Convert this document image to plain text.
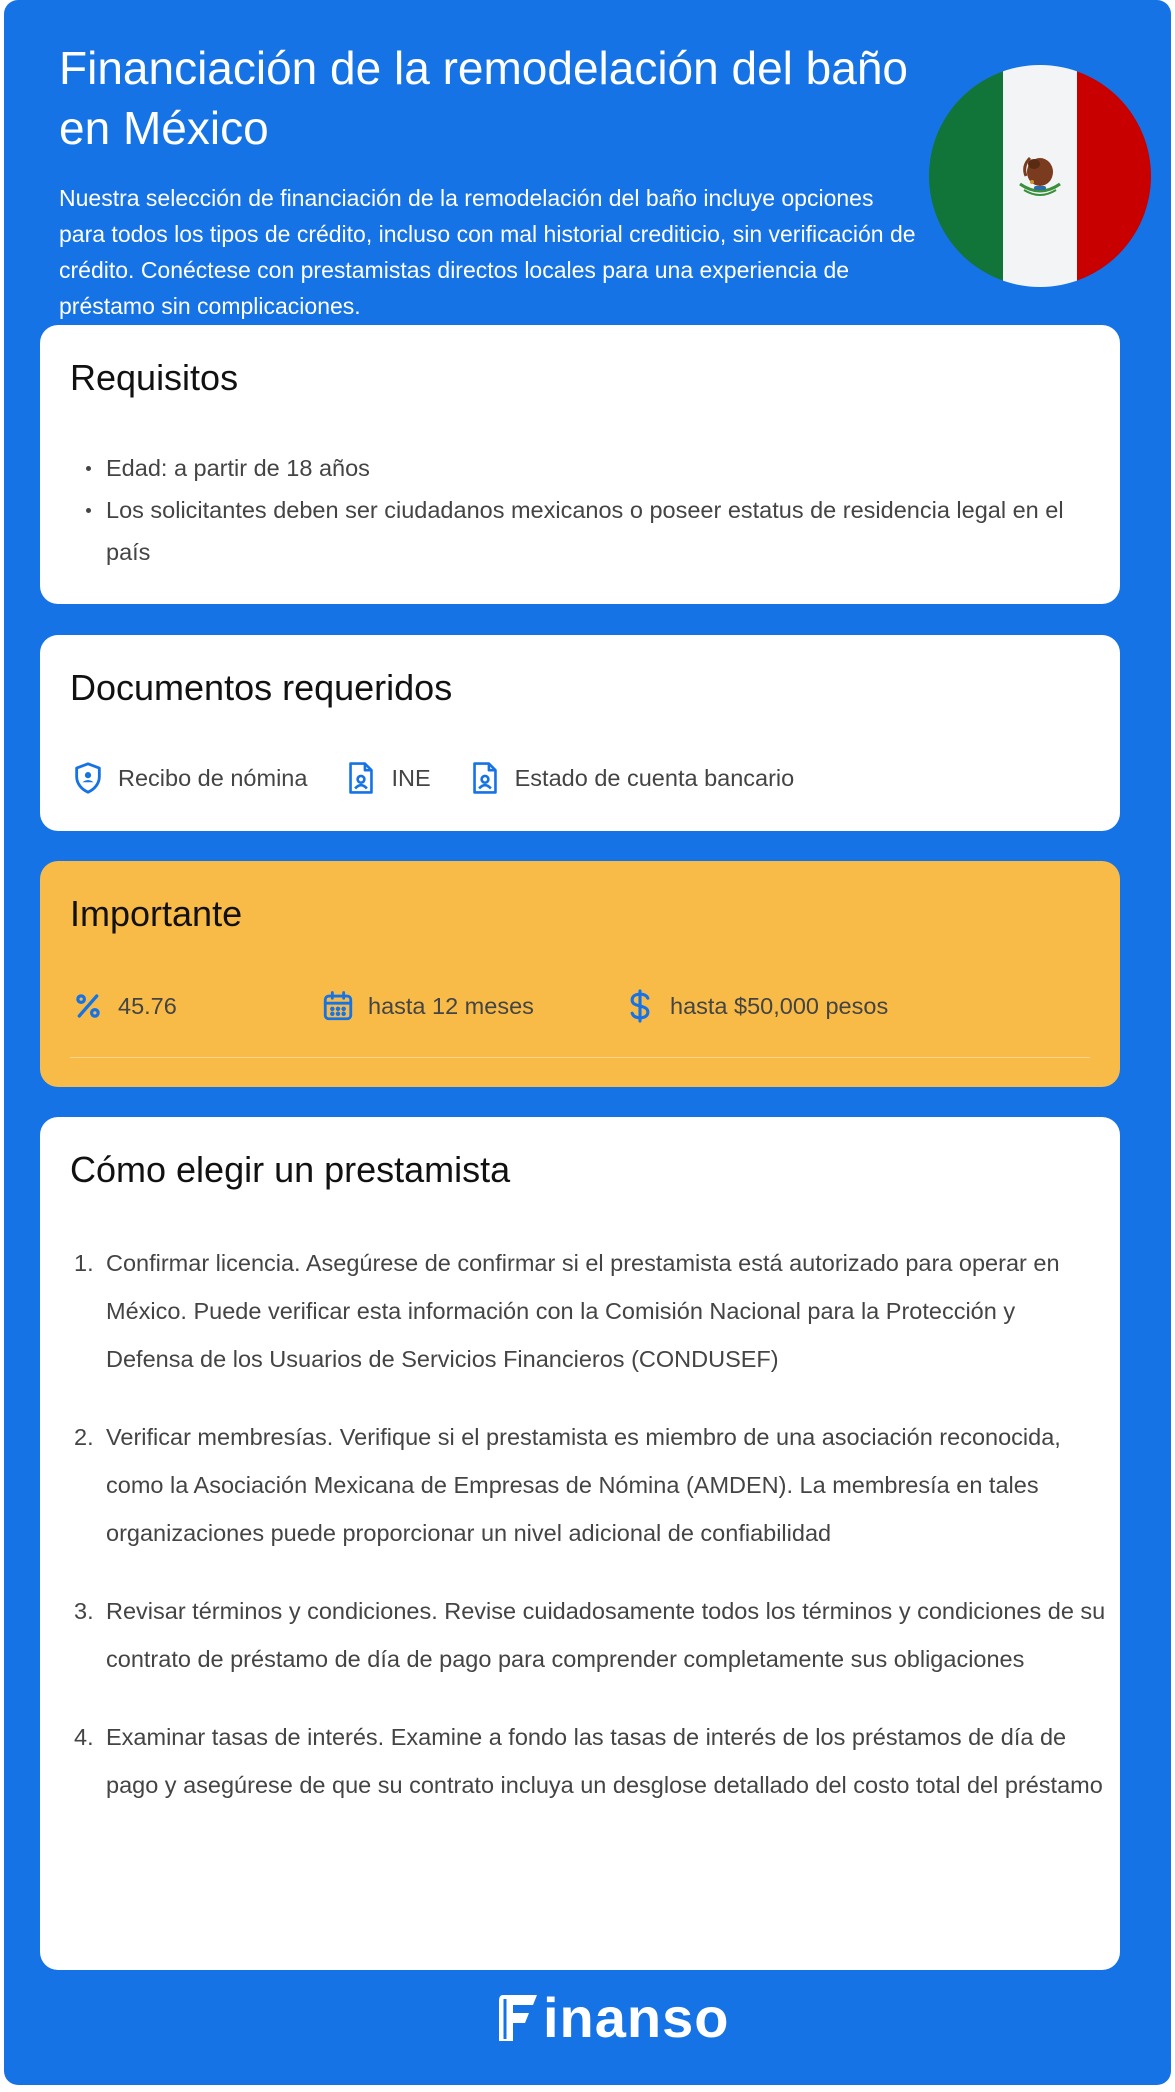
Financiación de la remodelación del baño en México

Nuestra selección de financiación de la remodelación del baño incluye opciones para todos los tipos de crédito, incluso con mal historial crediticio, sin verificación de crédito. Conéctese con prestamistas directos locales para una experiencia de préstamo sin complicaciones.

Requisitos
Edad: a partir de 18 años
Los solicitantes deben ser ciudadanos mexicanos o poseer estatus de residencia legal en el país
Documentos requeridos
Recibo de nómina	INE	Estado de cuenta bancario
Importante
45.76	hasta 12 meses	hasta $50,000 pesos
Cómo elegir un prestamista
1. Confirmar licencia. Asegúrese de confirmar si el prestamista está autorizado para operar en México. Puede verificar esta información con la Comisión Nacional para la Protección y Defensa de los Usuarios de Servicios Financieros (CONDUSEF)
2. Verificar membresías. Verifique si el prestamista es miembro de una asociación reconocida, como la Asociación Mexicana de Empresas de Nómina (AMDEN). La membresía en tales organizaciones puede proporcionar un nivel adicional de confiabilidad
3. Revisar términos y condiciones. Revise cuidadosamente todos los términos y condiciones de su contrato de préstamo de día de pago para comprender completamente sus obligaciones
4. Examinar tasas de interés. Examine a fondo las tasas de interés de los préstamos de día de pago y asegúrese de que su contrato incluya un desglose detallado del costo total del préstamo
inanso
